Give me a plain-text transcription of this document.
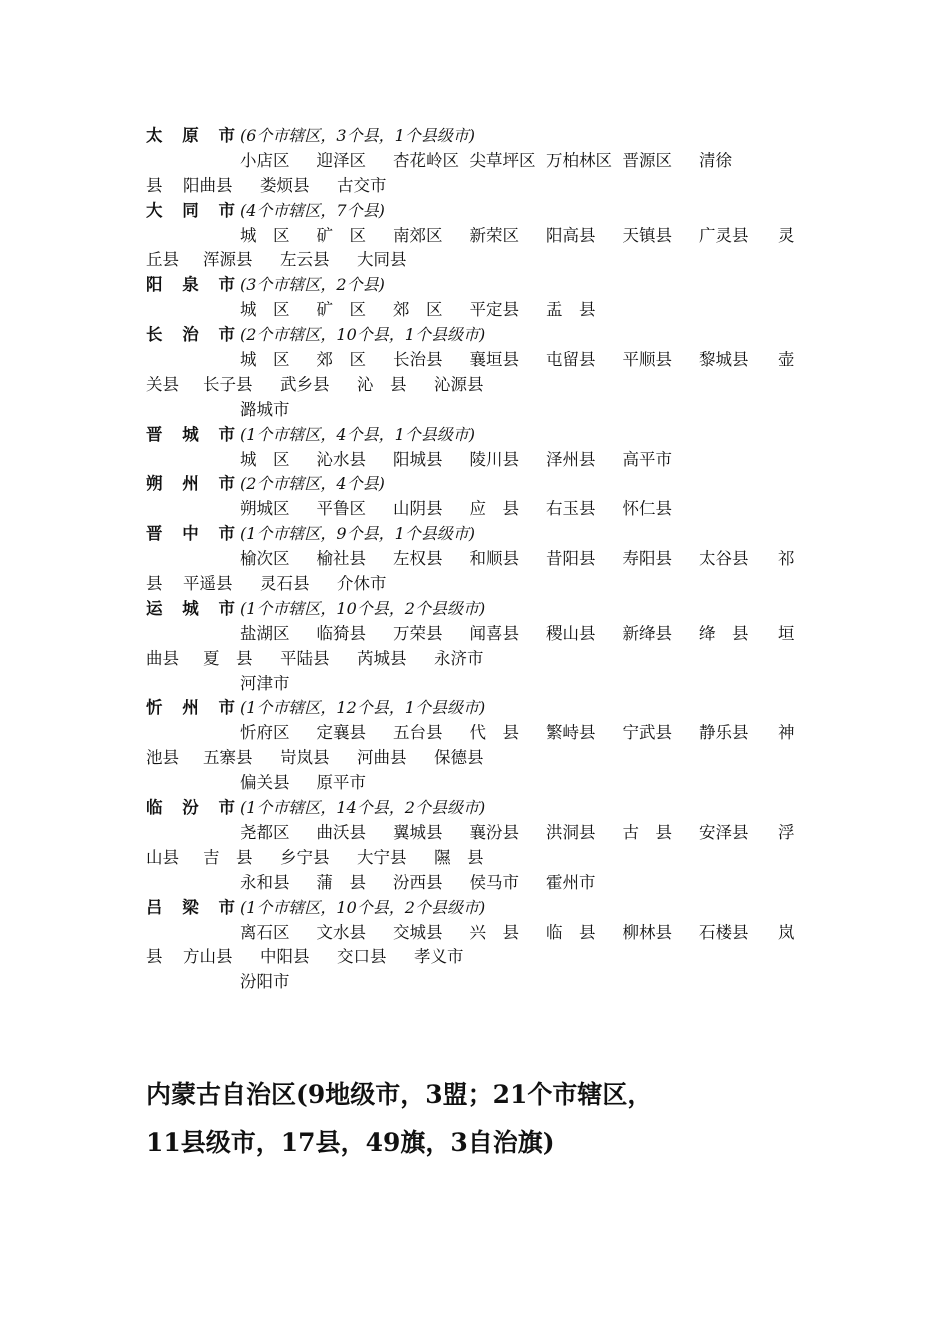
太 原 市(6个市辖区，3个县，1个县级市)
小店区 迎泽区 杏花岭区 尖草坪区 万柏林区 晋源区 清徐
县 阳曲县 娄烦县 古交市
大 同 市(4个市辖区，7个县)
城　区 矿　区 南郊区 新荣区 阳高县 天镇县 广灵县 灵
丘县 浑源县 左云县 大同县
阳 泉 市(3个市辖区，2个县)
城　区 矿　区 郊　区 平定县 盂　县
长 治 市(2个市辖区，10个县，1个县级市)
城　区 郊　区 长治县 襄垣县 屯留县 平顺县 黎城县 壶
关县 长子县 武乡县 沁　县 沁源县
潞城市
晋 城 市(1个市辖区，4个县，1个县级市)
城　区 沁水县 阳城县 陵川县 泽州县 高平市
朔 州 市(2个市辖区，4个县)
朔城区 平鲁区 山阴县 应　县 右玉县 怀仁县
晋 中 市(1个市辖区，9个县，1个县级市)
榆次区 榆社县 左权县 和顺县 昔阳县 寿阳县 太谷县 祁
县 平遥县 灵石县 介休市
运 城 市(1个市辖区，10个县，2个县级市)
盐湖区 临猗县 万荣县 闻喜县 稷山县 新绛县 绛　县 垣
曲县 夏　县 平陆县 芮城县 永济市
河津市
忻 州 市(1个市辖区，12个县，1个县级市)
忻府区 定襄县 五台县 代　县 繁峙县 宁武县 静乐县 神
池县 五寨县 岢岚县 河曲县 保德县
偏关县 原平市
临 汾 市(1个市辖区，14个县，2个县级市)
尧都区 曲沃县 翼城县 襄汾县 洪洞县 古　县 安泽县 浮
山县 吉　县 乡宁县 大宁县 隰　县
永和县 蒲　县 汾西县 侯马市 霍州市
吕 梁 市(1个市辖区，10个县，2个县级市)
离石区 文水县 交城县 兴　县 临　县 柳林县 石楼县 岚
县 方山县 中阳县 交口县 孝义市
汾阳市
内蒙古自治区(9地级市，3盟；21个市辖区，
11县级市，17县，49旗，3自治旗)
